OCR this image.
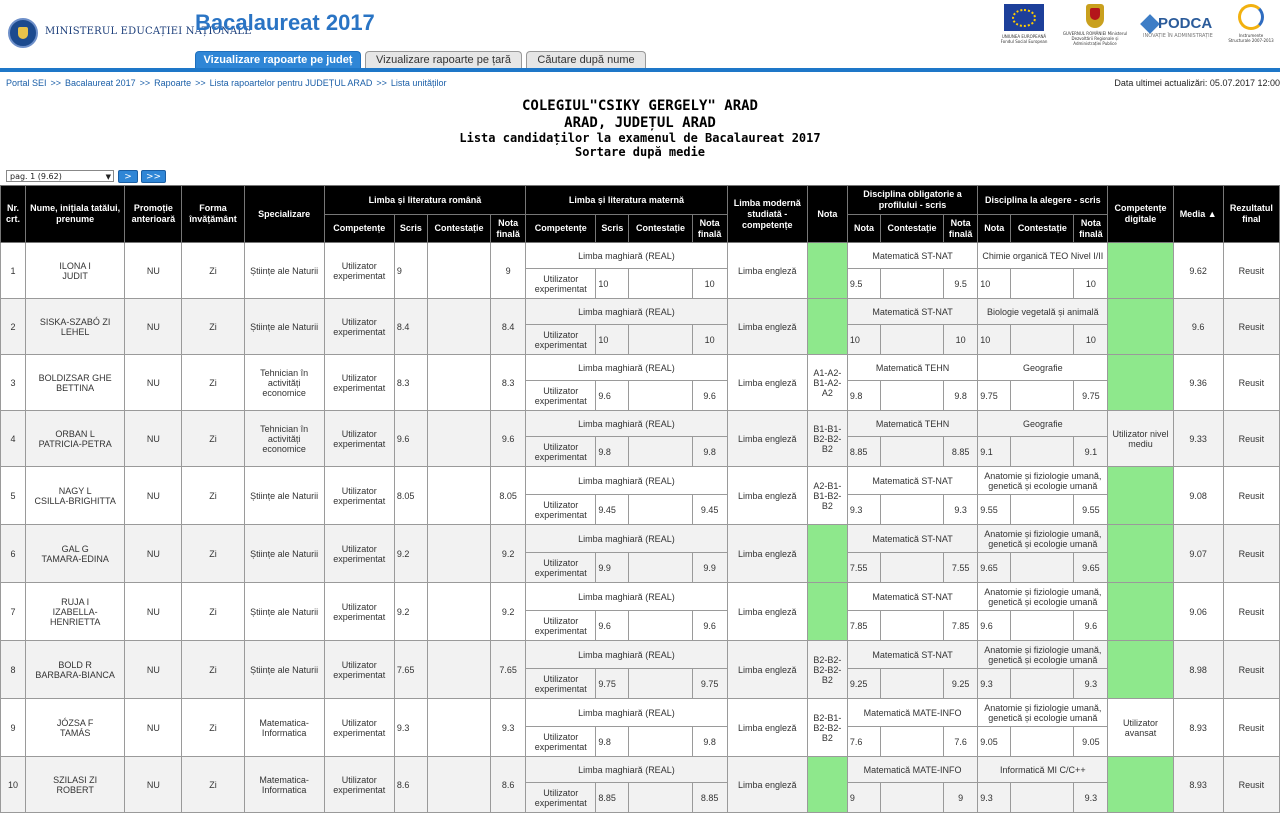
MINISTERUL EDUCAȚIEI NAȚIONALE
Bacalaureat 2017
Vizualizare rapoarte pe județ	Vizualizare rapoarte pe țară	Căutare după nume
UNIUNEA EUROPEANĂ Fondul Social European
GUVERNUL ROMÂNIEI Ministerul Dezvoltării Regionale și Administrației Publice
PODCA
INOVAȚIE ÎN ADMINISTRAȚIE	Instrumente Structurale 2007-2013
Portal SEI >> Bacalaureat 2017 >> Rapoarte >> Lista rapoartelor pentru JUDEȚUL ARAD >> Lista unităților	Data ultimei actualizări: 05.07.2017 12:00
COLEGIUL"CSIKY GERGELY" ARAD
ARAD, JUDEȚUL ARAD
Lista candidaților la examenul de Bacalaureat 2017
Sortare după medie
pag. 1 (9.62) ▼	>	>>
Nr. crt.	Nume, inițiala tatălui, prenume	Promoție anterioară	Forma învățământ	Specializare	Limba și literatura română				Limba și literatura maternă				Limba modernă studiată - competențe	Nota	Disciplina obligatorie a profilului - scris			Disciplina la alegere - scris			Competențe digitale	Media ▲	Rezultatul final
					Competențe	Scris	Contestație	Nota finală	Competențe	Scris	Contestație	Nota finală			Nota	Contestație	Nota finală	Nota	Contestație	Nota finală			
1	ILONA I
JUDIT	NU	Zi	Științe ale Naturii	Utilizator experimentat	9		9	Limba maghiară (REAL)				Limba engleză		Matematică ST-NAT			Chimie organică TEO Nivel I/II				9.62	Reusit
									Utilizator experimentat	10		10			9.5		9.5	10		10			
2	SISKA-SZABÓ ZI
LEHEL	NU	Zi	Științe ale Naturii	Utilizator experimentat	8.4		8.4	Limba maghiară (REAL)				Limba engleză		Matematică ST-NAT			Biologie vegetală și animală				9.6	Reusit
									Utilizator experimentat	10		10			10		10	10		10			
3	BOLDIZSAR GHE
BETTINA	NU	Zi	Tehnician în activități economice	Utilizator experimentat	8.3		8.3	Limba maghiară (REAL)				Limba engleză	A1-A2-B1-A2-A2	Matematică TEHN			Geografie				9.36	Reusit
									Utilizator experimentat	9.6		9.6			9.8		9.8	9.75		9.75			
4	ORBAN L
PATRICIA-PETRA	NU	Zi	Tehnician în activități economice	Utilizator experimentat	9.6		9.6	Limba maghiară (REAL)				Limba engleză	B1-B1-B2-B2-B2	Matematică TEHN			Geografie			Utilizator nivel mediu	9.33	Reusit
									Utilizator experimentat	9.8		9.8			8.85		8.85	9.1		9.1			
5	NAGY L
CSILLA-BRIGHITTA	NU	Zi	Științe ale Naturii	Utilizator experimentat	8.05		8.05	Limba maghiară (REAL)				Limba engleză	A2-B1-B1-B2-B2	Matematică ST-NAT			Anatomie și fiziologie umană, genetică și ecologie umană				9.08	Reusit
									Utilizator experimentat	9.45		9.45			9.3		9.3	9.55		9.55			
6	GAL G
TAMARA-EDINA	NU	Zi	Științe ale Naturii	Utilizator experimentat	9.2		9.2	Limba maghiară (REAL)				Limba engleză		Matematică ST-NAT			Anatomie și fiziologie umană, genetică și ecologie umană				9.07	Reusit
									Utilizator experimentat	9.9		9.9			7.55		7.55	9.65		9.65			
7	RUJA I
IZABELLA-HENRIETTA	NU	Zi	Științe ale Naturii	Utilizator experimentat	9.2		9.2	Limba maghiară (REAL)				Limba engleză		Matematică ST-NAT			Anatomie și fiziologie umană, genetică și ecologie umană				9.06	Reusit
									Utilizator experimentat	9.6		9.6			7.85		7.85	9.6		9.6			
8	BOLD R
BARBARA-BIANCA	NU	Zi	Științe ale Naturii	Utilizator experimentat	7.65		7.65	Limba maghiară (REAL)				Limba engleză	B2-B2-B2-B2-B2	Matematică ST-NAT			Anatomie și fiziologie umană, genetică și ecologie umană				8.98	Reusit
									Utilizator experimentat	9.75		9.75			9.25		9.25	9.3		9.3			
9	JÓZSA F
TAMÁS	NU	Zi	Matematica-Informatica	Utilizator experimentat	9.3		9.3	Limba maghiară (REAL)				Limba engleză	B2-B1-B2-B2-B2	Matematică MATE-INFO			Anatomie și fiziologie umană, genetică și ecologie umană			Utilizator avansat	8.93	Reusit
									Utilizator experimentat	9.8		9.8			7.6		7.6	9.05		9.05			
10	SZILASI ZI
ROBERT	NU	Zi	Matematica-Informatica	Utilizator experimentat	8.6		8.6	Limba maghiară (REAL)				Limba engleză		Matematică MATE-INFO			Informatică MI C/C++				8.93	Reusit
									Utilizator experimentat	8.85		8.85			9		9	9.3		9.3			
